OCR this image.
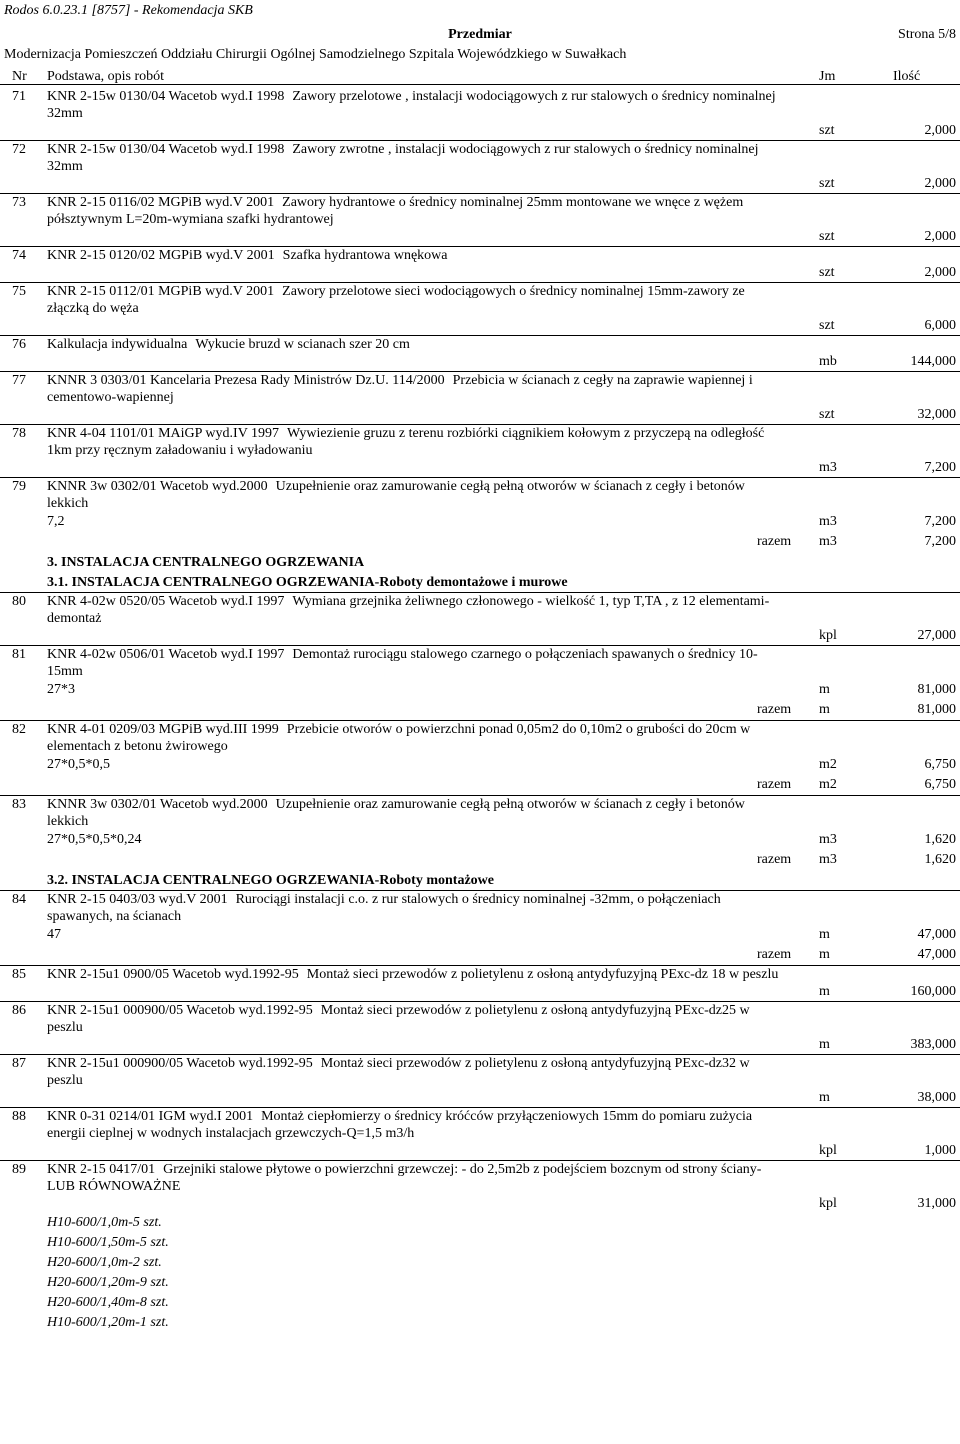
Rodos 6.0.23.1 [8757] - Rekomendacja SKB
Przedmiar	Strona 5/8
Modernizacja Pomieszczeń Oddziału Chirurgii Ogólnej Samodzielnego Szpitala Wojewódzkiego w Suwałkach
Nr Podstawa, opis robót	Jm	Ilość
71	KNR 2-15w 0130/04 Wacetob wyd.I 1998 Zawory przelotowe , instalacji wodociągowych z rur stalowych o średnicy nominalnej 32mm
szt	2,000
72	KNR 2-15w 0130/04 Wacetob wyd.I 1998 Zawory zwrotne , instalacji wodociągowych z rur stalowych o średnicy nominalnej 32mm
szt	2,000
73	KNR 2-15 0116/02 MGPiB wyd.V 2001 Zawory hydrantowe o średnicy nominalnej 25mm montowane we wnęce z wężem półsztywnym L=20m-wymiana szafki hydrantowej
szt	2,000
74	KNR 2-15 0120/02 MGPiB wyd.V 2001 Szafka hydrantowa wnękowa
szt	2,000
75	KNR 2-15 0112/01 MGPiB wyd.V 2001 Zawory przelotowe sieci wodociągowych o średnicy nominalnej 15mm-zawory ze złączką do węża
szt	6,000
76	Kalkulacja indywidualna Wykucie bruzd w scianach szer 20 cm
mb	144,000
77	KNNR 3 0303/01 Kancelaria Prezesa Rady Ministrów Dz.U. 114/2000 Przebicia w ścianach z cegły na zaprawie wapiennej i cementowo-wapiennej
szt	32,000
78	KNR 4-04 1101/01 MAiGP wyd.IV 1997 Wywiezienie gruzu z terenu rozbiórki ciągnikiem kołowym z przyczepą na odległość 1km przy ręcznym załadowaniu i wyładowaniu
m3	7,200
79	KNNR 3w 0302/01 Wacetob wyd.2000 Uzupełnienie oraz zamurowanie cegłą pełną otworów w ścianach z cegły i betonów lekkich
7,2	m3	7,200
razem m3	7,200
3. INSTALACJA CENTRALNEGO OGRZEWANIA
3.1. INSTALACJA CENTRALNEGO OGRZEWANIA-Roboty demontażowe i murowe
80	KNR 4-02w 0520/05 Wacetob wyd.I 1997 Wymiana grzejnika żeliwnego członowego - wielkość 1, typ T,TA , z 12 elementami-demontaż
kpl	27,000
81	KNR 4-02w 0506/01 Wacetob wyd.I 1997 Demontaż rurociągu stalowego czarnego o połączeniach spawanych o średnicy 10-15mm
27*3	m	81,000
razem m	81,000
82	KNR 4-01 0209/03 MGPiB wyd.III 1999 Przebicie otworów o powierzchni ponad 0,05m2 do 0,10m2 o grubości do 20cm w elementach z betonu żwirowego
27*0,5*0,5	m2	6,750
razem m2	6,750
83	KNNR 3w 0302/01 Wacetob wyd.2000 Uzupełnienie oraz zamurowanie cegłą pełną otworów w ścianach z cegły i betonów lekkich
27*0,5*0,5*0,24	m3	1,620
razem m3	1,620
3.2. INSTALACJA CENTRALNEGO OGRZEWANIA-Roboty montażowe
84	KNR 2-15 0403/03 wyd.V 2001 Rurociągi instalacji c.o. z rur stalowych o średnicy nominalnej -32mm, o połączeniach spawanych, na ścianach
47	m	47,000
razem m	47,000
85	KNR 2-15u1 0900/05 Wacetob wyd.1992-95 Montaż sieci przewodów z polietylenu z osłoną antydyfuzyjną PExc-dz 18 w peszlu
m	160,000
86	KNR 2-15u1 000900/05 Wacetob wyd.1992-95 Montaż sieci przewodów z polietylenu z osłoną antydyfuzyjną PExc-dz25 w peszlu
m	383,000
87	KNR 2-15u1 000900/05 Wacetob wyd.1992-95 Montaż sieci przewodów z polietylenu z osłoną antydyfuzyjną PExc-dz32 w peszlu
m	38,000
88	KNR 0-31 0214/01 IGM wyd.I 2001 Montaż ciepłomierzy o średnicy króćców przyłączeniowych 15mm do pomiaru zużycia energii cieplnej w wodnych instalacjach grzewczych-Q=1,5 m3/h
kpl	1,000
89	KNR 2-15 0417/01 Grzejniki stalowe płytowe o powierzchni grzewczej: - do 2,5m2b z podejściem bozcnym od strony ściany-LUB RÓWNOWAŻNE
kpl	31,000
H10-600/1,0m-5 szt.
H10-600/1,50m-5 szt.
H20-600/1,0m-2 szt.
H20-600/1,20m-9 szt.
H20-600/1,40m-8 szt.
H10-600/1,20m-1 szt.
